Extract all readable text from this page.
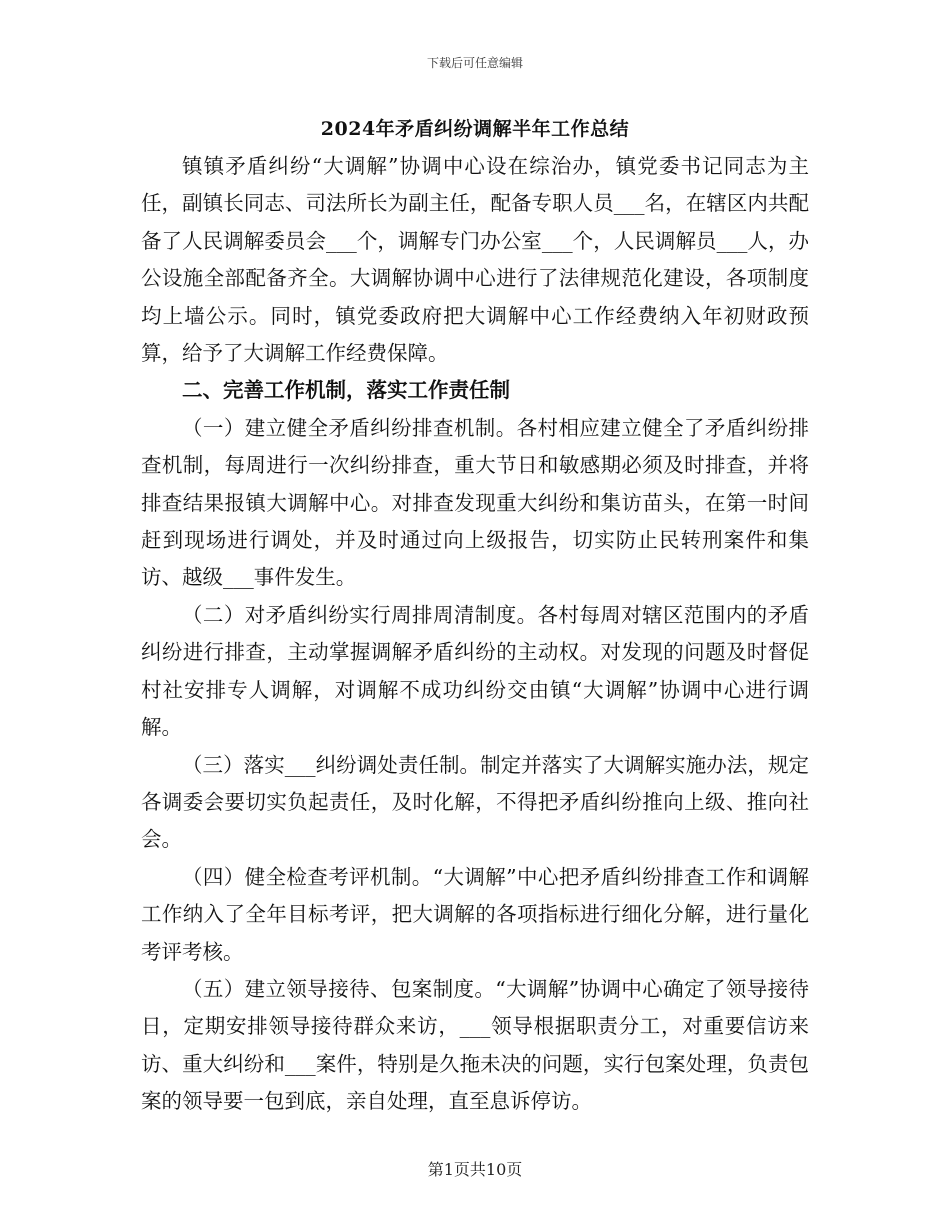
下载后可任意编辑
2024年矛盾纠纷调解半年工作总结

镇镇矛盾纠纷“大调解”协调中心设在综治办，镇党委书记同志为主任，副镇长同志、司法所长为副主任，配备专职人员___名，在辖区内共配备了人民调解委员会___个，调解专门办公室___个，人民调解员___人，办公设施全部配备齐全。大调解协调中心进行了法律规范化建设，各项制度均上墙公示。同时，镇党委政府把大调解中心工作经费纳入年初财政预算，给予了大调解工作经费保障。

二、完善工作机制，落实工作责任制

（一）建立健全矛盾纠纷排查机制。各村相应建立健全了矛盾纠纷排查机制，每周进行一次纠纷排查，重大节日和敏感期必须及时排查，并将排查结果报镇大调解中心。对排查发现重大纠纷和集访苗头，在第一时间赶到现场进行调处，并及时通过向上级报告，切实防止民转刑案件和集访、越级___事件发生。

（二）对矛盾纠纷实行周排周清制度。各村每周对辖区范围内的矛盾纠纷进行排查，主动掌握调解矛盾纠纷的主动权。对发现的问题及时督促村社安排专人调解，对调解不成功纠纷交由镇“大调解”协调中心进行调解。

（三）落实___纠纷调处责任制。制定并落实了大调解实施办法，规定各调委会要切实负起责任，及时化解，不得把矛盾纠纷推向上级、推向社会。

（四）健全检查考评机制。“大调解”中心把矛盾纠纷排查工作和调解工作纳入了全年目标考评，把大调解的各项指标进行细化分解，进行量化考评考核。

（五）建立领导接待、包案制度。“大调解”协调中心确定了领导接待日，定期安排领导接待群众来访，___领导根据职责分工，对重要信访来访、重大纠纷和___案件，特别是久拖未决的问题，实行包案处理，负责包案的领导要一包到底，亲自处理，直至息诉停访。

第1页共10页
